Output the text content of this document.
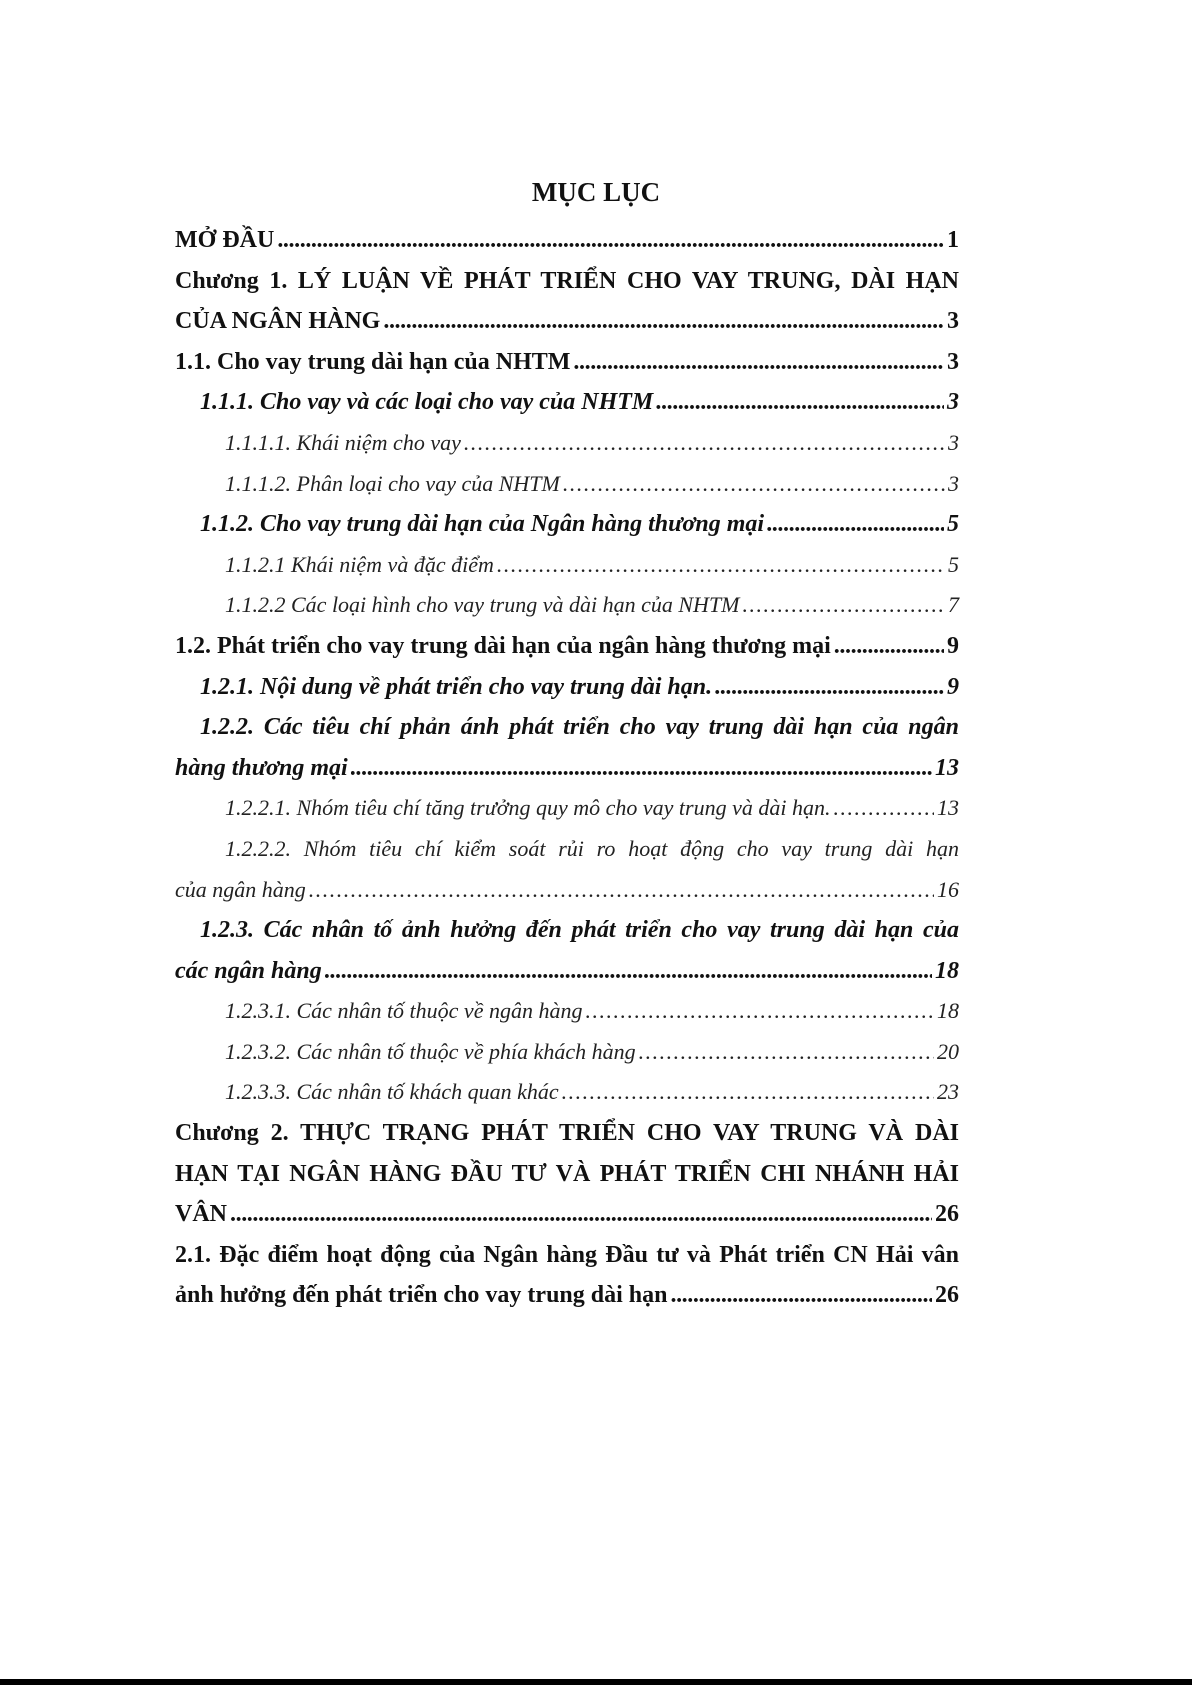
MỤC LỤC
MỞ ĐẦU . . .	1
Chương 1. LÝ LUẬN VỀ PHÁT TRIỂN CHO VAY TRUNG, DÀI HẠN
CỦA NGÂN HÀNG . . .	3
1.1. Cho vay trung dài hạn của NHTM . . .	3
1.1.1. Cho vay và các loại cho vay của NHTM . . .	3
1.1.1.1. Khái niệm cho vay . . .	3
1.1.1.2. Phân loại cho vay của NHTM . . .	3
1.1.2. Cho vay trung dài hạn của Ngân hàng thương mại . . .	5
1.1.2.1 Khái niệm và đặc điểm . . .	5
1.1.2.2 Các loại hình cho vay trung và dài hạn của NHTM . . .	7
1.2. Phát triển cho vay trung dài hạn của ngân hàng thương mại . . .	9
1.2.1. Nội dung về phát triển cho vay trung dài hạn. . . .	9
1.2.2. Các tiêu chí phản ánh phát triển cho vay trung dài hạn của ngân
hàng thương mại . . .	13
1.2.2.1. Nhóm tiêu chí tăng trưởng quy mô cho vay trung và dài hạn. . . .	13
1.2.2.2. Nhóm tiêu chí kiểm soát rủi ro hoạt động cho vay trung dài hạn
của ngân hàng . . .	16
1.2.3. Các nhân tố ảnh hưởng đến phát triển cho vay trung dài hạn của
các ngân hàng . . .	18
1.2.3.1. Các nhân tố thuộc về ngân hàng . . .	18
1.2.3.2. Các nhân tố thuộc về phía khách hàng . . .	20
1.2.3.3. Các nhân tố khách quan khác . . .	23
Chương 2. THỰC TRẠNG PHÁT TRIỂN CHO VAY TRUNG VÀ DÀI
HẠN TẠI NGÂN HÀNG ĐẦU TƯ VÀ PHÁT TRIỂN CHI NHÁNH HẢI
VÂN . . .	26
2.1. Đặc điểm hoạt động của Ngân hàng Đầu tư và Phát triển CN Hải vân
ảnh hưởng đến phát triển cho vay trung dài hạn . . .	26
